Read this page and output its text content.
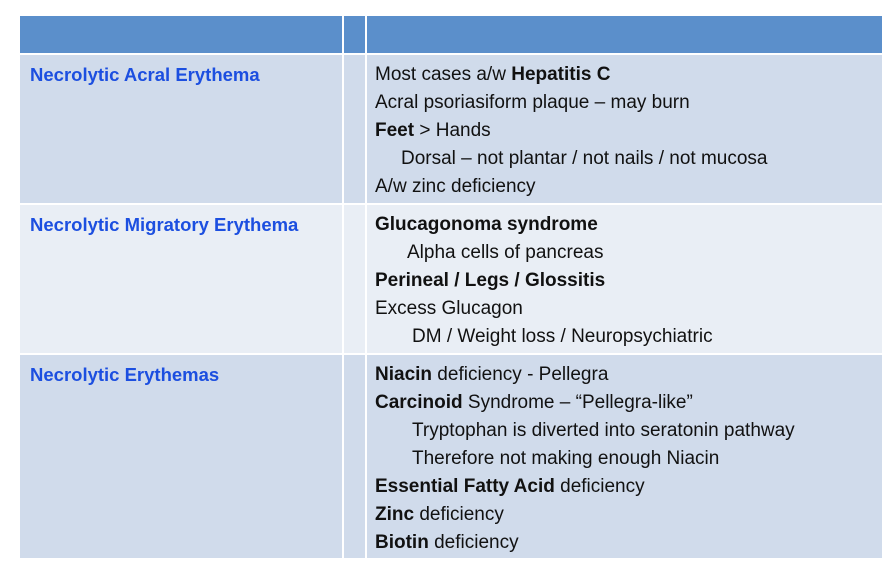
Necrolytic Acral Erythema	Most cases a/w Hepatitis C
Acral psoriasiform plaque – may burn
Feet > Hands
Dorsal – not plantar / not nails / not mucosa
A/w zinc deficiency
Necrolytic Migratory Erythema	Glucagonoma syndrome
Alpha cells of pancreas
Perineal / Legs / Glossitis
Excess Glucagon
DM / Weight loss / Neuropsychiatric
Necrolytic Erythemas	Niacin deficiency - Pellegra
Carcinoid Syndrome – “Pellegra-like”
Tryptophan is diverted into seratonin pathway
Therefore not making enough Niacin
Essential Fatty Acid deficiency
Zinc deficiency
Biotin deficiency
